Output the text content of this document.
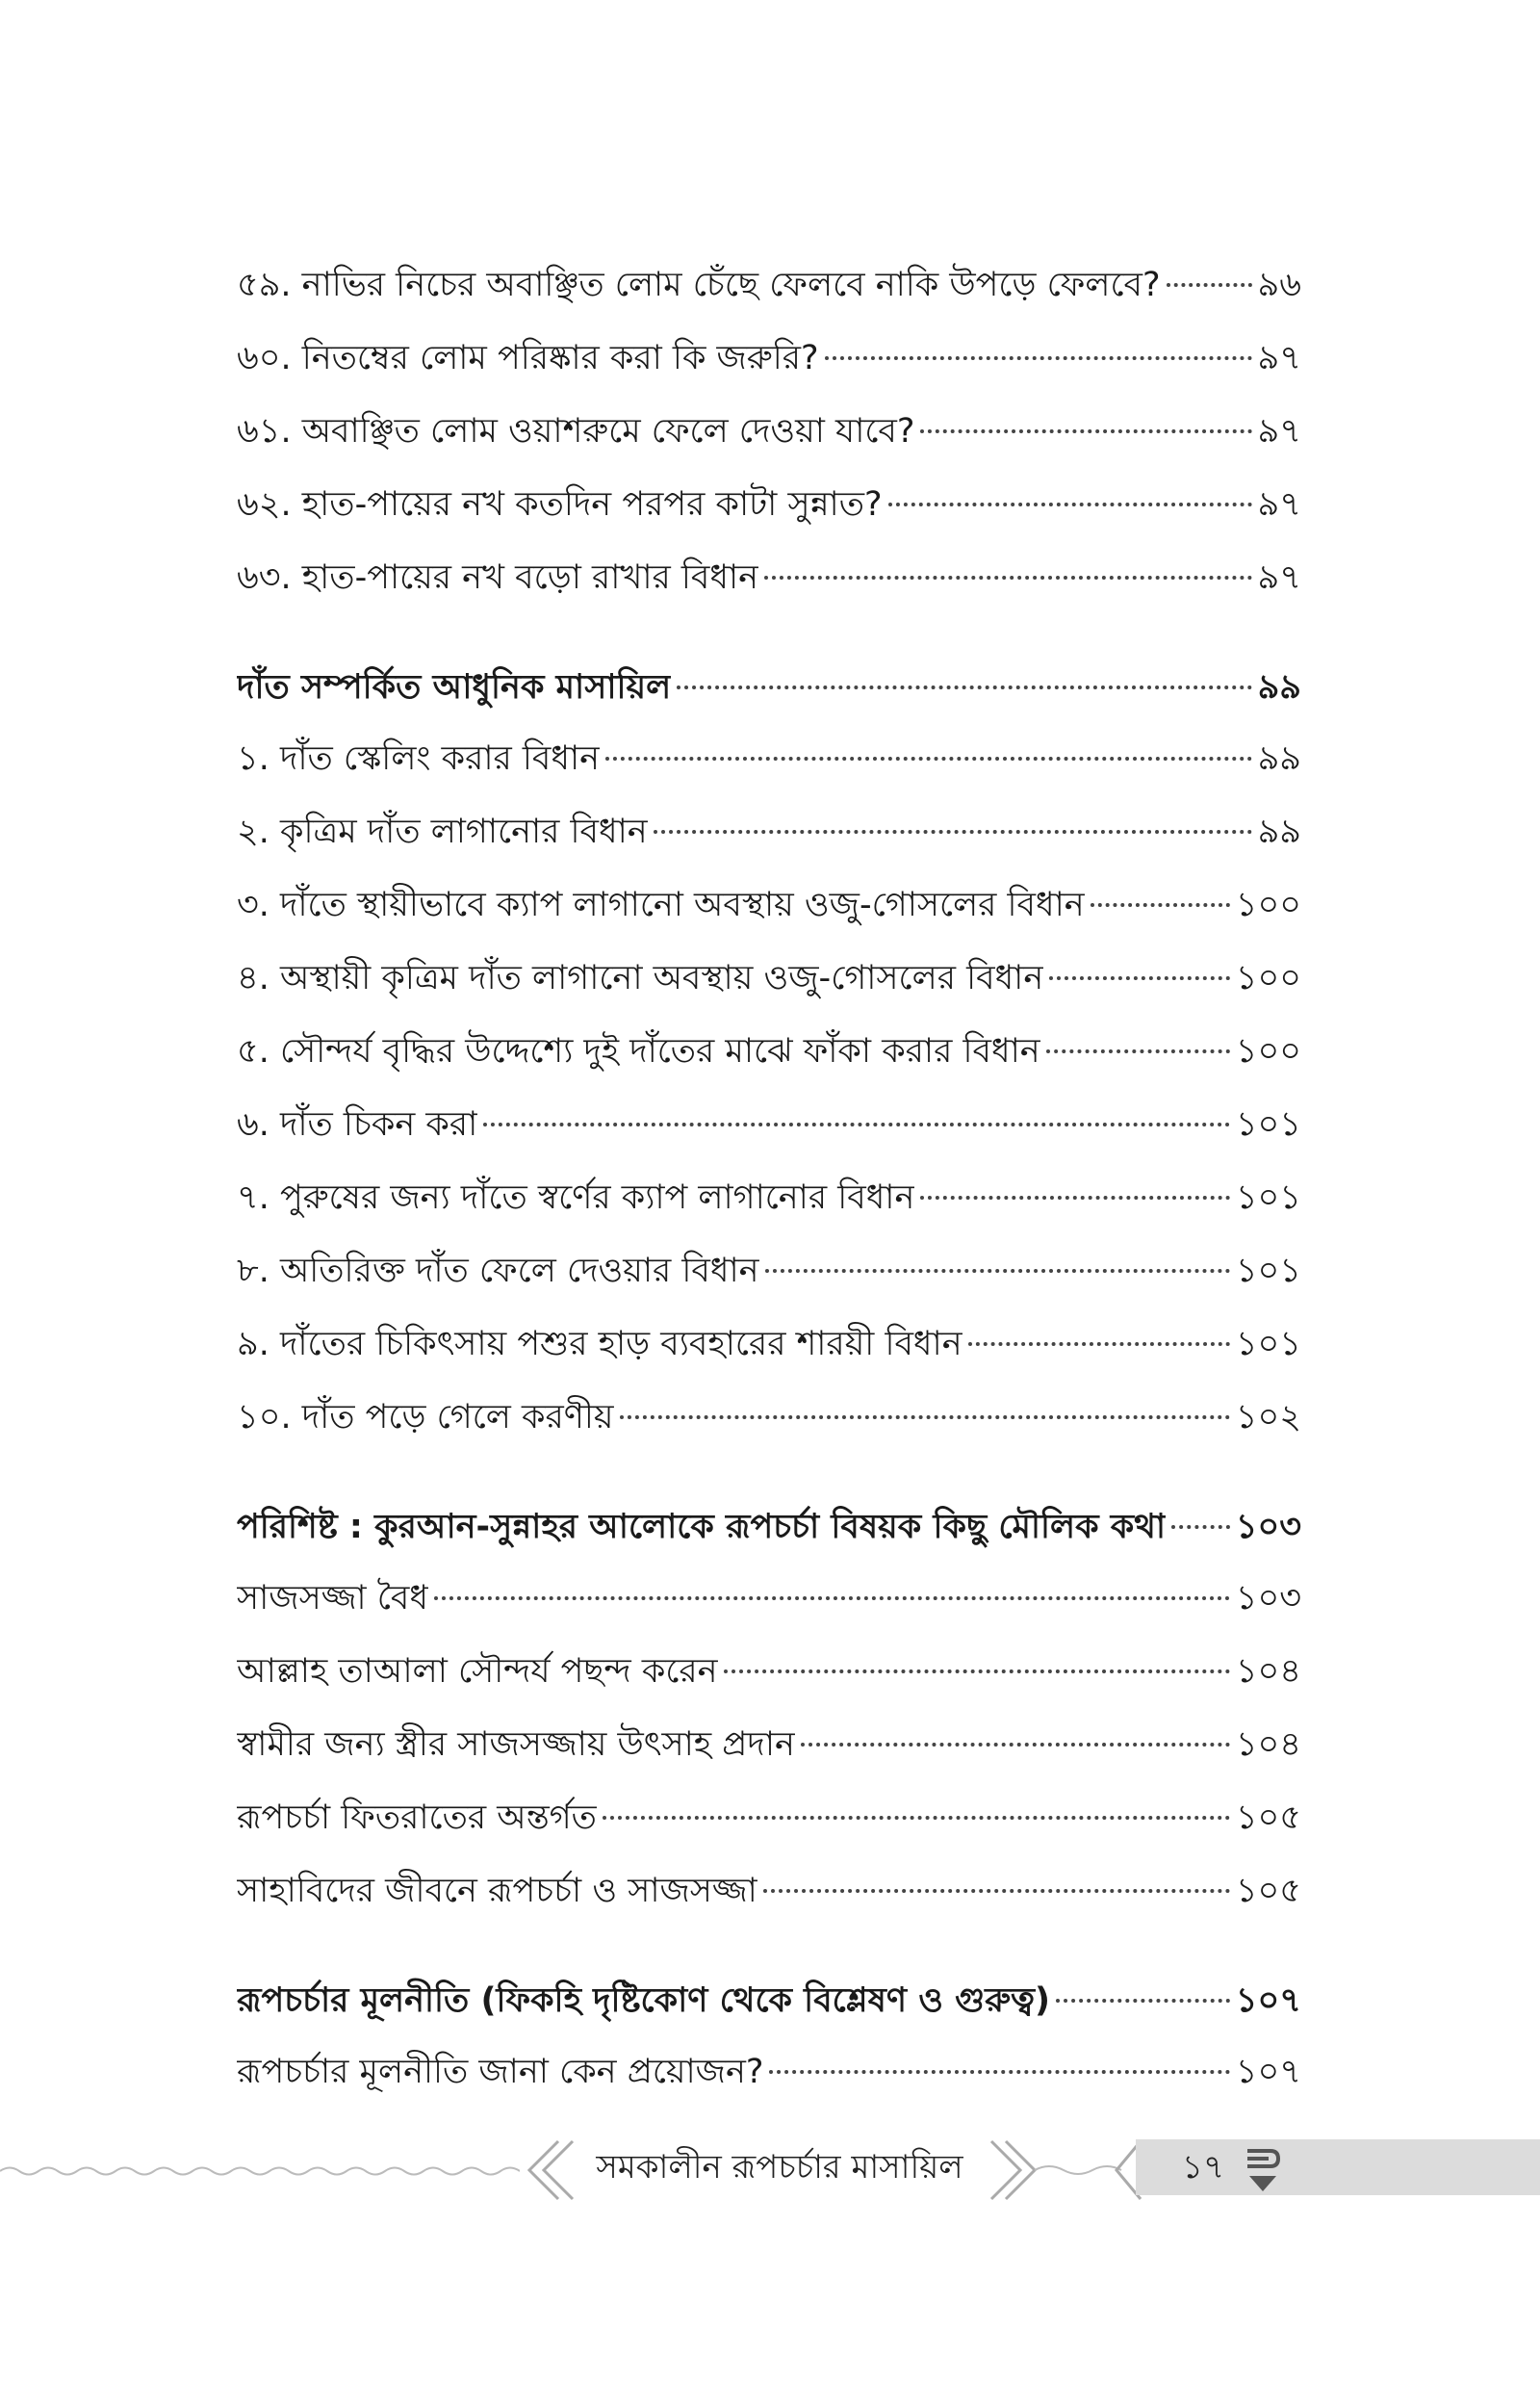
৫৯. নাভির নিচের অবাঞ্ছিত লোম চেঁছে ফেলবে নাকি উপড়ে ফেলবে?	৯৬
৬০. নিতম্বের লোম পরিষ্কার করা কি জরুরি?	৯৭
৬১. অবাঞ্ছিত লোম ওয়াশরুমে ফেলে দেওয়া যাবে?	৯৭
৬২. হাত-পায়ের নখ কতদিন পরপর কাটা সুন্নাত?	৯৭
৬৩. হাত-পায়ের নখ বড়ো রাখার বিধান	৯৭
দাঁত সম্পর্কিত আধুনিক মাসায়িল	৯৯
১. দাঁত স্কেলিং করার বিধান	৯৯
২. কৃত্রিম দাঁত লাগানোর বিধান	৯৯
৩. দাঁতে স্থায়ীভাবে ক্যাপ লাগানো অবস্থায় ওজু-গোসলের বিধান	১০০
৪. অস্থায়ী কৃত্রিম দাঁত লাগানো অবস্থায় ওজু-গোসলের বিধান	১০০
৫. সৌন্দর্য বৃদ্ধির উদ্দেশ্যে দুই দাঁতের মাঝে ফাঁকা করার বিধান	১০০
৬. দাঁত চিকন করা	১০১
৭. পুরুষের জন্য দাঁতে স্বর্ণের ক্যাপ লাগানোর বিধান	১০১
৮. অতিরিক্ত দাঁত ফেলে দেওয়ার বিধান	১০১
৯. দাঁতের চিকিৎসায় পশুর হাড় ব্যবহারের শারয়ী বিধান	১০১
১০. দাঁত পড়ে গেলে করণীয়	১০২
পরিশিষ্ট : কুরআন-সুন্নাহর আলোকে রূপচর্চা বিষয়ক কিছু মৌলিক কথা ১০৩
সাজসজ্জা বৈধ	১০৩
আল্লাহ তাআলা সৌন্দর্য পছন্দ করেন	১০৪
স্বামীর জন্য স্ত্রীর সাজসজ্জায় উৎসাহ প্রদান	১০৪
রূপচর্চা ফিতরাতের অন্তর্গত	১০৫
সাহাবিদের জীবনে রূপচর্চা ও সাজসজ্জা	১০৫
রূপচর্চার মূলনীতি (ফিকহি দৃষ্টিকোণ থেকে বিশ্লেষণ ও গুরুত্ব)	১০৭
রূপচর্চার মূলনীতি জানা কেন প্রয়োজন?	১০৭
সমকালীন রূপচর্চার মাসায়িল	১৭
